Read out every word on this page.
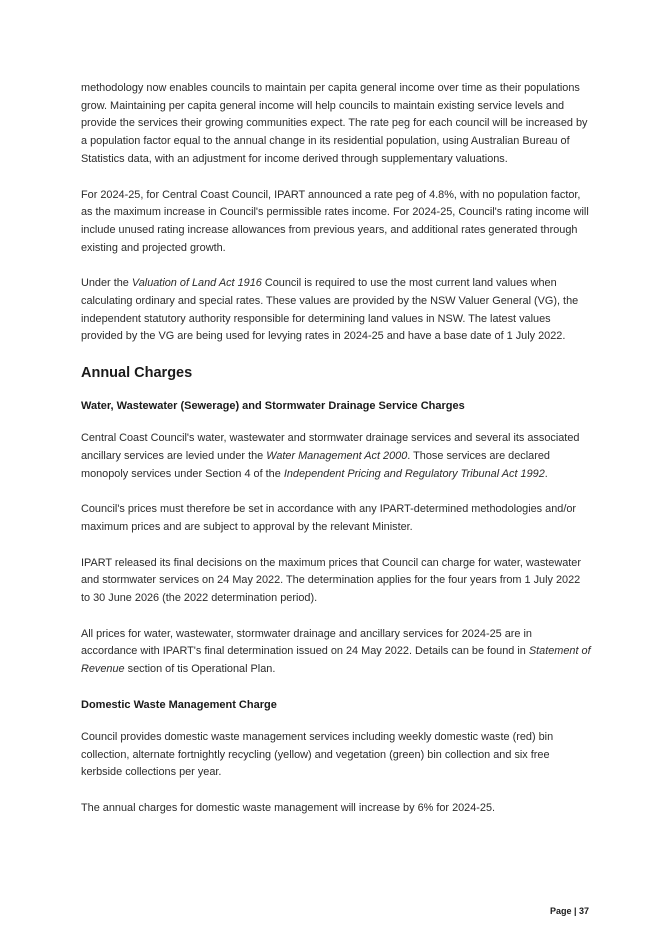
methodology now enables councils to maintain per capita general income over time as their populations grow. Maintaining per capita general income will help councils to maintain existing service levels and provide the services their growing communities expect. The rate peg for each council will be increased by a population factor equal to the annual change in its residential population, using Australian Bureau of Statistics data, with an adjustment for income derived through supplementary valuations.

For 2024-25, for Central Coast Council, IPART announced a rate peg of 4.8%, with no population factor, as the maximum increase in Council's permissible rates income. For 2024-25, Council's rating income will include unused rating increase allowances from previous years, and additional rates generated through existing and projected growth.

Under the Valuation of Land Act 1916 Council is required to use the most current land values when calculating ordinary and special rates. These values are provided by the NSW Valuer General (VG), the independent statutory authority responsible for determining land values in NSW. The latest values provided by the VG are being used for levying rates in 2024-25 and have a base date of 1 July 2022.

Annual Charges
Water, Wastewater (Sewerage) and Stormwater Drainage Service Charges

Central Coast Council's water, wastewater and stormwater drainage services and several its associated ancillary services are levied under the Water Management Act 2000. Those services are declared monopoly services under Section 4 of the Independent Pricing and Regulatory Tribunal Act 1992.

Council's prices must therefore be set in accordance with any IPART-determined methodologies and/or maximum prices and are subject to approval by the relevant Minister.

IPART released its final decisions on the maximum prices that Council can charge for water, wastewater and stormwater services on 24 May 2022. The determination applies for the four years from 1 July 2022 to 30 June 2026 (the 2022 determination period).

All prices for water, wastewater, stormwater drainage and ancillary services for 2024-25 are in accordance with IPART's final determination issued on 24 May 2022. Details can be found in Statement of Revenue section of tis Operational Plan.

Domestic Waste Management Charge

Council provides domestic waste management services including weekly domestic waste (red) bin collection, alternate fortnightly recycling (yellow) and vegetation (green) bin collection and six free kerbside collections per year.

The annual charges for domestic waste management will increase by 6% for 2024-25.

Page | 37
